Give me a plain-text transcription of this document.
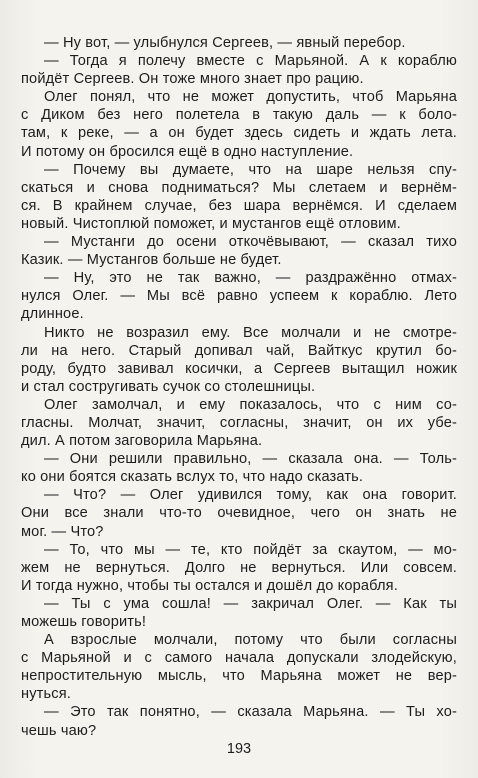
— Ну вот, — улыбнулся Сергеев, — явный перебор.
— Тогда я полечу вместе с Марьяной. А к кораблю
пойдёт Сергеев. Он тоже много знает про рацию.
Олег понял, что не может допустить, чтоб Марьяна
с Диком без него полетела в такую даль — к боло-
там, к реке, — а он будет здесь сидеть и ждать лета.
И потому он бросился ещё в одно наступление.
— Почему вы думаете, что на шаре нельзя спу-
скаться и снова подниматься? Мы слетаем и вернём-
ся. В крайнем случае, без шара вернёмся. И сделаем
новый. Чистоплюй поможет, и мустангов ещё отловим.
— Мустанги до осени откочёвывают, — сказал тихо
Казик. — Мустангов больше не будет.
— Ну, это не так важно, — раздражённо отмах-
нулся Олег. — Мы всё равно успеем к кораблю. Лето
длинное.
Никто не возразил ему. Все молчали и не смотре-
ли на него. Старый допивал чай, Вайткус крутил бо-
роду, будто завивал косички, а Сергеев вытащил ножик
и стал состругивать сучок со столешницы.
Олег замолчал, и ему показалось, что с ним со-
гласны. Молчат, значит, согласны, значит, он их убе-
дил. А потом заговорила Марьяна.
— Они решили правильно, — сказала она. — Толь-
ко они боятся сказать вслух то, что надо сказать.
— Что? — Олег удивился тому, как она говорит.
Они все знали что-то очевидное, чего он знать не
мог. — Что?
— То, что мы — те, кто пойдёт за скаутом, — мо-
жем не вернуться. Долго не вернуться. Или совсем.
И тогда нужно, чтобы ты остался и дошёл до корабля.
— Ты с ума сошла! — закричал Олег. — Как ты
можешь говорить!
А взрослые молчали, потому что были согласны
с Марьяной и с самого начала допускали злодейскую,
непростительную мысль, что Марьяна может не вер-
нуться.
— Это так понятно, — сказала Марьяна. — Ты хо-
чешь чаю?
193
